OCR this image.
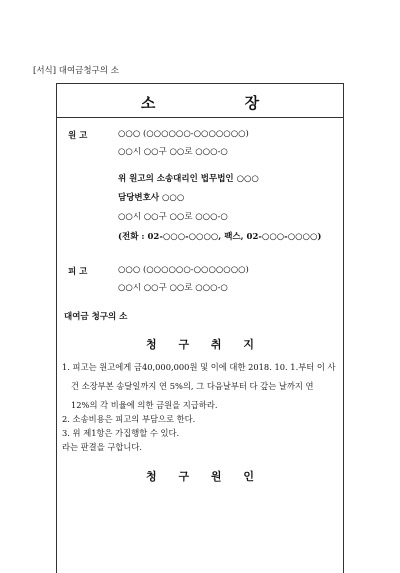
[서식] 대여금청구의 소
소 장
원 고	○○○ (○○○○○○-○○○○○○○)
○○시 ○○구 ○○로 ○○○-○
위 원고의 소송대리인 법무법인 ○○○
담당변호사 ○○○
○○시 ○○구 ○○로 ○○○-○
(전화 : 02-○○○-○○○○, 팩스, 02-○○○-○○○○)
피 고	○○○ (○○○○○○-○○○○○○○)
○○시 ○○구 ○○로 ○○○-○
대여금 청구의 소
청 구 취 지
1. 피고는 원고에게 금40,000,000원 및 이에 대한 2018. 10. 1.부터 이 사
건 소장부본 송달일까지 연 5%의, 그 다음날부터 다 갚는 날까지 연
12%의 각 비율에 의한 금원을 지급하라.
2. 소송비용은 피고의 부담으로 한다.
3. 위 제1항은 가집행할 수 있다.
라는 판결을 구합니다.
청 구 원 인
